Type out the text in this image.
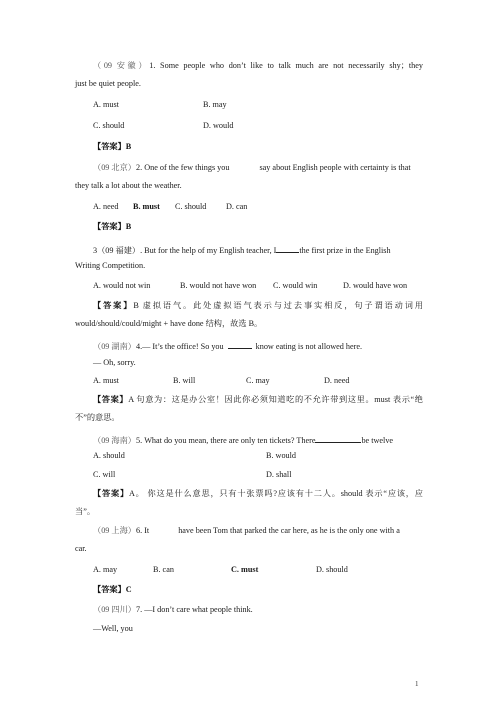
（09 安徽）1. Some people who don’t like to talk much are not necessarily shy；they
just be quiet people.
A. must	B. may
C. should	D. would
【答案】B
（09 北京）2. One of the few things you	say about English people with certainty is that
they talk a lot about the weather.
A. need B. must C. should D. can
【答案】B
3（09 福建）. But for the help of my English teacher, I	the first prize in the English
Writing Competition.
A. would not win	B. would not have won C. would win	D. would have won
【答案】B 虚拟语气。此处虚拟语气表示与过去事实相反，句子谓语动词用
would/should/could/might + have done 结构，故选 B。
（09 湖南）4.— It’s the office! So you	know eating is not allowed here.
— Oh, sorry.
A. must	B. will	C. may	D. need
【答案】A 句意为：这是办公室！因此你必须知道吃的不允许带到这里。must 表示“绝
不”的意思。
（09 海南）5. What do you mean, there are only ten tickets? There	be twelve
A. should	B. would
C. will	D. shall
【答案】A。 你这是什么意思，只有十张票吗?应该有十二人。should 表示“应该，应
当”。
（09 上海）6. It	have been Tom that parked the car here, as he is the only one with a
car.
A. may	B. can	C. must	D. should
【答案】C
（09 四川）7. —I don’t care what people think.
—Well, you
1
